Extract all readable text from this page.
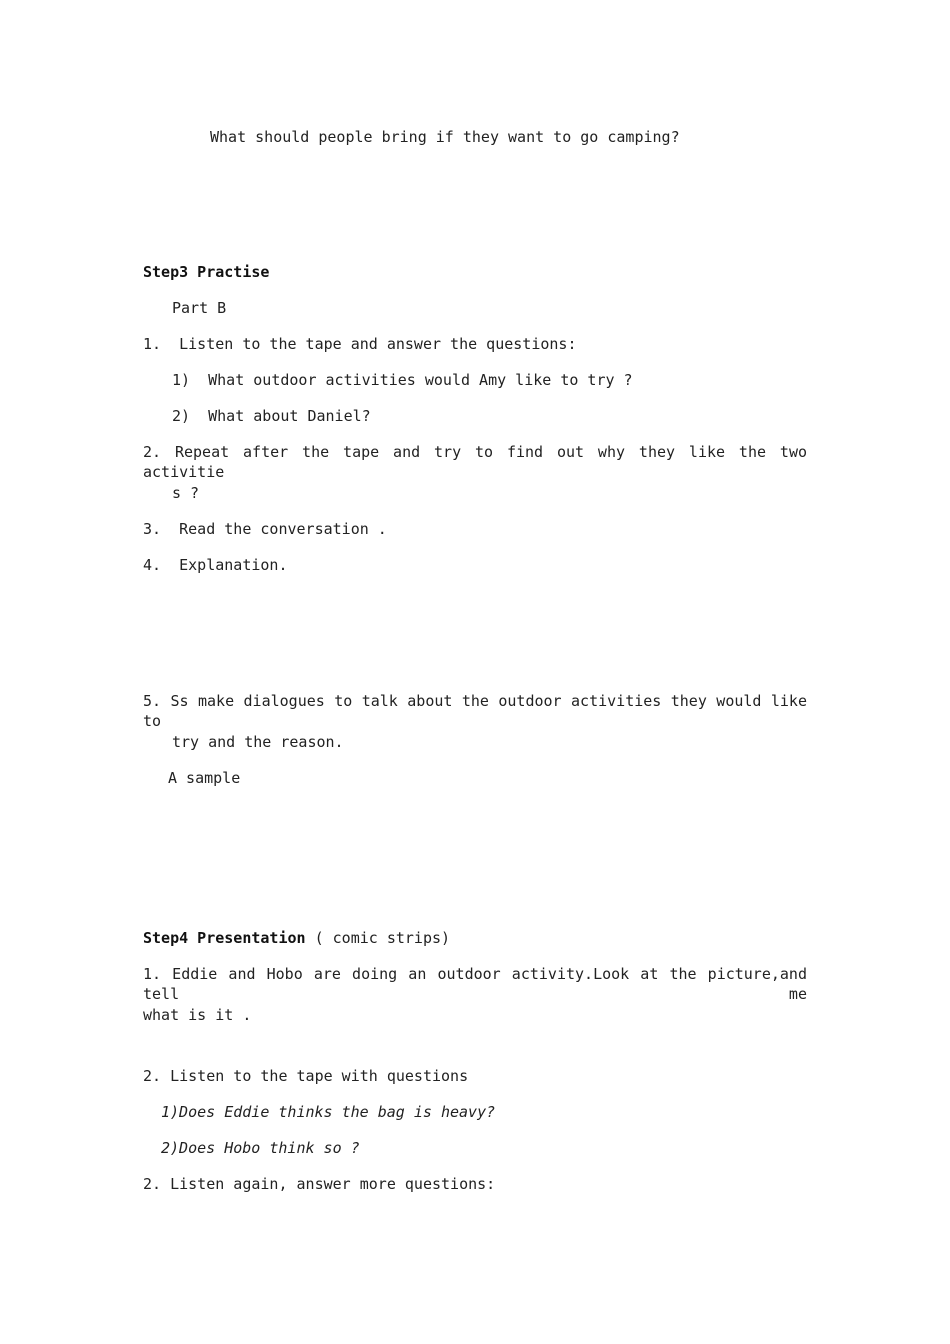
What should people bring if they want to go camping?
Step3 Practise
Part B
1.  Listen to the tape and answer the questions:
1)  What outdoor activities would Amy like to try ?
2)  What about Daniel?
2. Repeat after the tape and try to find out why they like the two activitie
s ?
3.  Read the conversation .
4.  Explanation.
5. Ss make dialogues to talk about the outdoor activities they would like to
try and the reason.
A sample
Step4 Presentation ( comic strips)
1. Eddie and Hobo are doing an outdoor activity.Look at the picture,and tell me
what is it .
2. Listen to the tape with questions
1)Does Eddie thinks the bag is heavy?
2)Does Hobo think so ?
2. Listen again, answer more questions:
